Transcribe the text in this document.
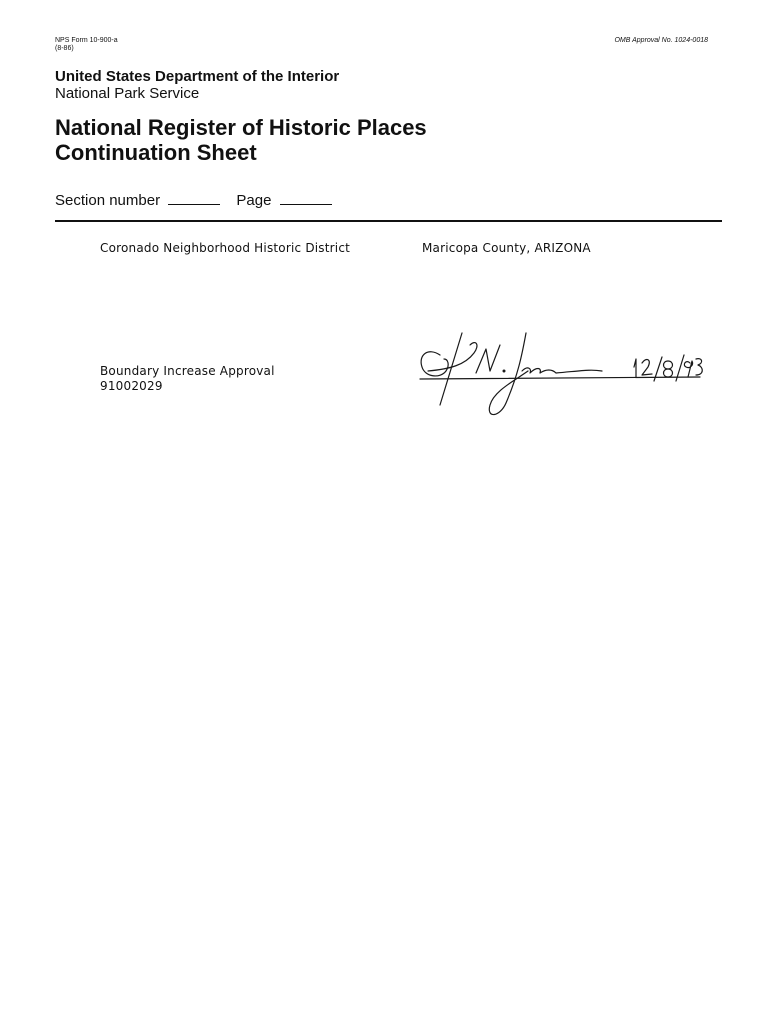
NPS Form 10-900-a
(8-86)
OMB Approval No. 1024-0018
United States Department of the Interior
National Park Service
National Register of Historic Places
Continuation Sheet
Section number	Page
Coronado Neighborhood Historic District	Maricopa County, ARIZONA
Boundary Increase Approval
91002029
